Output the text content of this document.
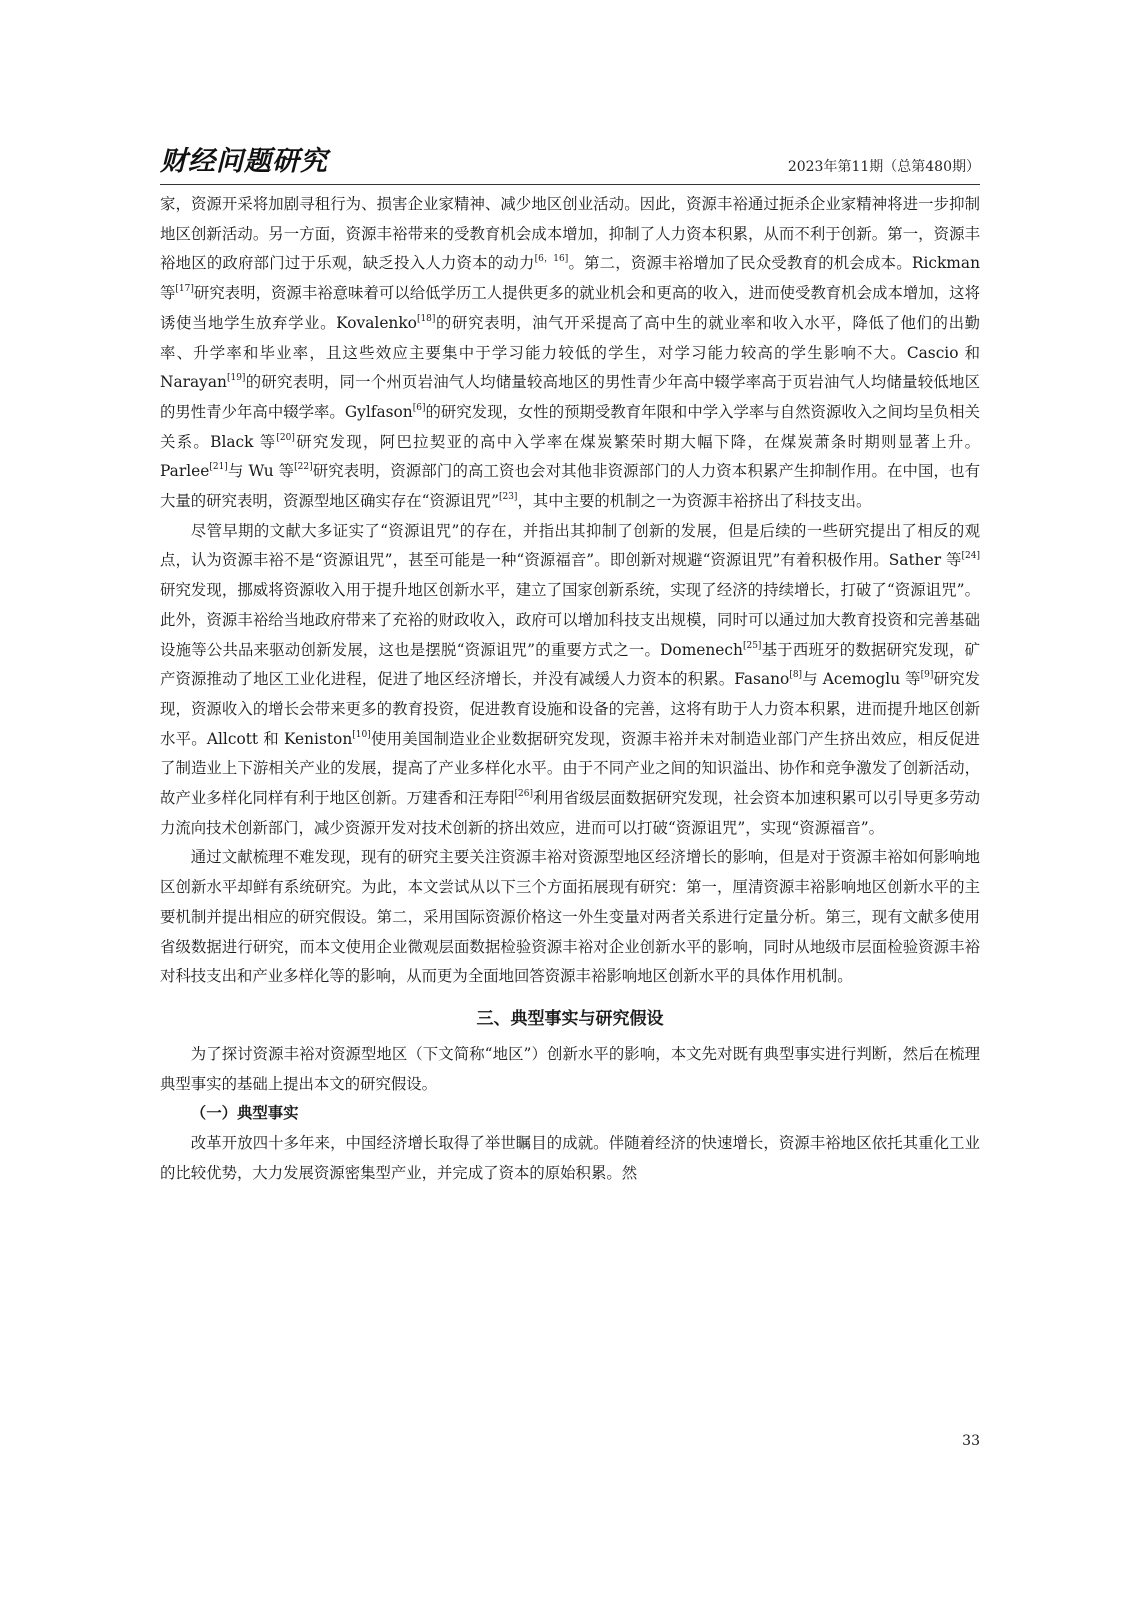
财经问题研究	2023年第11期（总第480期）

家，资源开采将加剧寻租行为、损害企业家精神、减少地区创业活动。因此，资源丰裕通过扼杀企业家精神将进一步抑制地区创新活动。另一方面，资源丰裕带来的受教育机会成本增加，抑制了人力资本积累，从而不利于创新。第一，资源丰裕地区的政府部门过于乐观，缺乏投入人力资本的动力[6，16]。第二，资源丰裕增加了民众受教育的机会成本。Rickman 等[17]研究表明，资源丰裕意味着可以给低学历工人提供更多的就业机会和更高的收入，进而使受教育机会成本增加，这将诱使当地学生放弃学业。Kovalenko[18]的研究表明，油气开采提高了高中生的就业率和收入水平，降低了他们的出勤率、升学率和毕业率，且这些效应主要集中于学习能力较低的学生，对学习能力较高的学生影响不大。Cascio 和 Narayan[19]的研究表明，同一个州页岩油气人均储量较高地区的男性青少年高中辍学率高于页岩油气人均储量较低地区的男性青少年高中辍学率。Gylfason[6]的研究发现，女性的预期受教育年限和中学入学率与自然资源收入之间均呈负相关关系。Black 等[20]研究发现，阿巴拉契亚的高中入学率在煤炭繁荣时期大幅下降，在煤炭萧条时期则显著上升。Parlee[21]与 Wu 等[22]研究表明，资源部门的高工资也会对其他非资源部门的人力资本积累产生抑制作用。在中国，也有大量的研究表明，资源型地区确实存在“资源诅咒”[23]，其中主要的机制之一为资源丰裕挤出了科技支出。

尽管早期的文献大多证实了“资源诅咒”的存在，并指出其抑制了创新的发展，但是后续的一些研究提出了相反的观点，认为资源丰裕不是“资源诅咒”，甚至可能是一种“资源福音”。即创新对规避“资源诅咒”有着积极作用。Sather 等[24]研究发现，挪威将资源收入用于提升地区创新水平，建立了国家创新系统，实现了经济的持续增长，打破了“资源诅咒”。此外，资源丰裕给当地政府带来了充裕的财政收入，政府可以增加科技支出规模，同时可以通过加大教育投资和完善基础设施等公共品来驱动创新发展，这也是摆脱“资源诅咒”的重要方式之一。Domenech[25]基于西班牙的数据研究发现，矿产资源推动了地区工业化进程，促进了地区经济增长，并没有减缓人力资本的积累。Fasano[8]与 Acemoglu 等[9]研究发现，资源收入的增长会带来更多的教育投资，促进教育设施和设备的完善，这将有助于人力资本积累，进而提升地区创新水平。Allcott 和 Keniston[10]使用美国制造业企业数据研究发现，资源丰裕并未对制造业部门产生挤出效应，相反促进了制造业上下游相关产业的发展，提高了产业多样化水平。由于不同产业之间的知识溢出、协作和竞争激发了创新活动，故产业多样化同样有利于地区创新。万建香和汪寿阳[26]利用省级层面数据研究发现，社会资本加速积累可以引导更多劳动力流向技术创新部门，减少资源开发对技术创新的挤出效应，进而可以打破“资源诅咒”，实现“资源福音”。

通过文献梳理不难发现，现有的研究主要关注资源丰裕对资源型地区经济增长的影响，但是对于资源丰裕如何影响地区创新水平却鲜有系统研究。为此，本文尝试从以下三个方面拓展现有研究：第一，厘清资源丰裕影响地区创新水平的主要机制并提出相应的研究假设。第二，采用国际资源价格这一外生变量对两者关系进行定量分析。第三，现有文献多使用省级数据进行研究，而本文使用企业微观层面数据检验资源丰裕对企业创新水平的影响，同时从地级市层面检验资源丰裕对科技支出和产业多样化等的影响，从而更为全面地回答资源丰裕影响地区创新水平的具体作用机制。

三、典型事实与研究假设

为了探讨资源丰裕对资源型地区（下文简称“地区”）创新水平的影响，本文先对既有典型事实进行判断，然后在梳理典型事实的基础上提出本文的研究假设。

（一）典型事实

改革开放四十多年来，中国经济增长取得了举世瞩目的成就。伴随着经济的快速增长，资源丰裕地区依托其重化工业的比较优势，大力发展资源密集型产业，并完成了资本的原始积累。然

33
